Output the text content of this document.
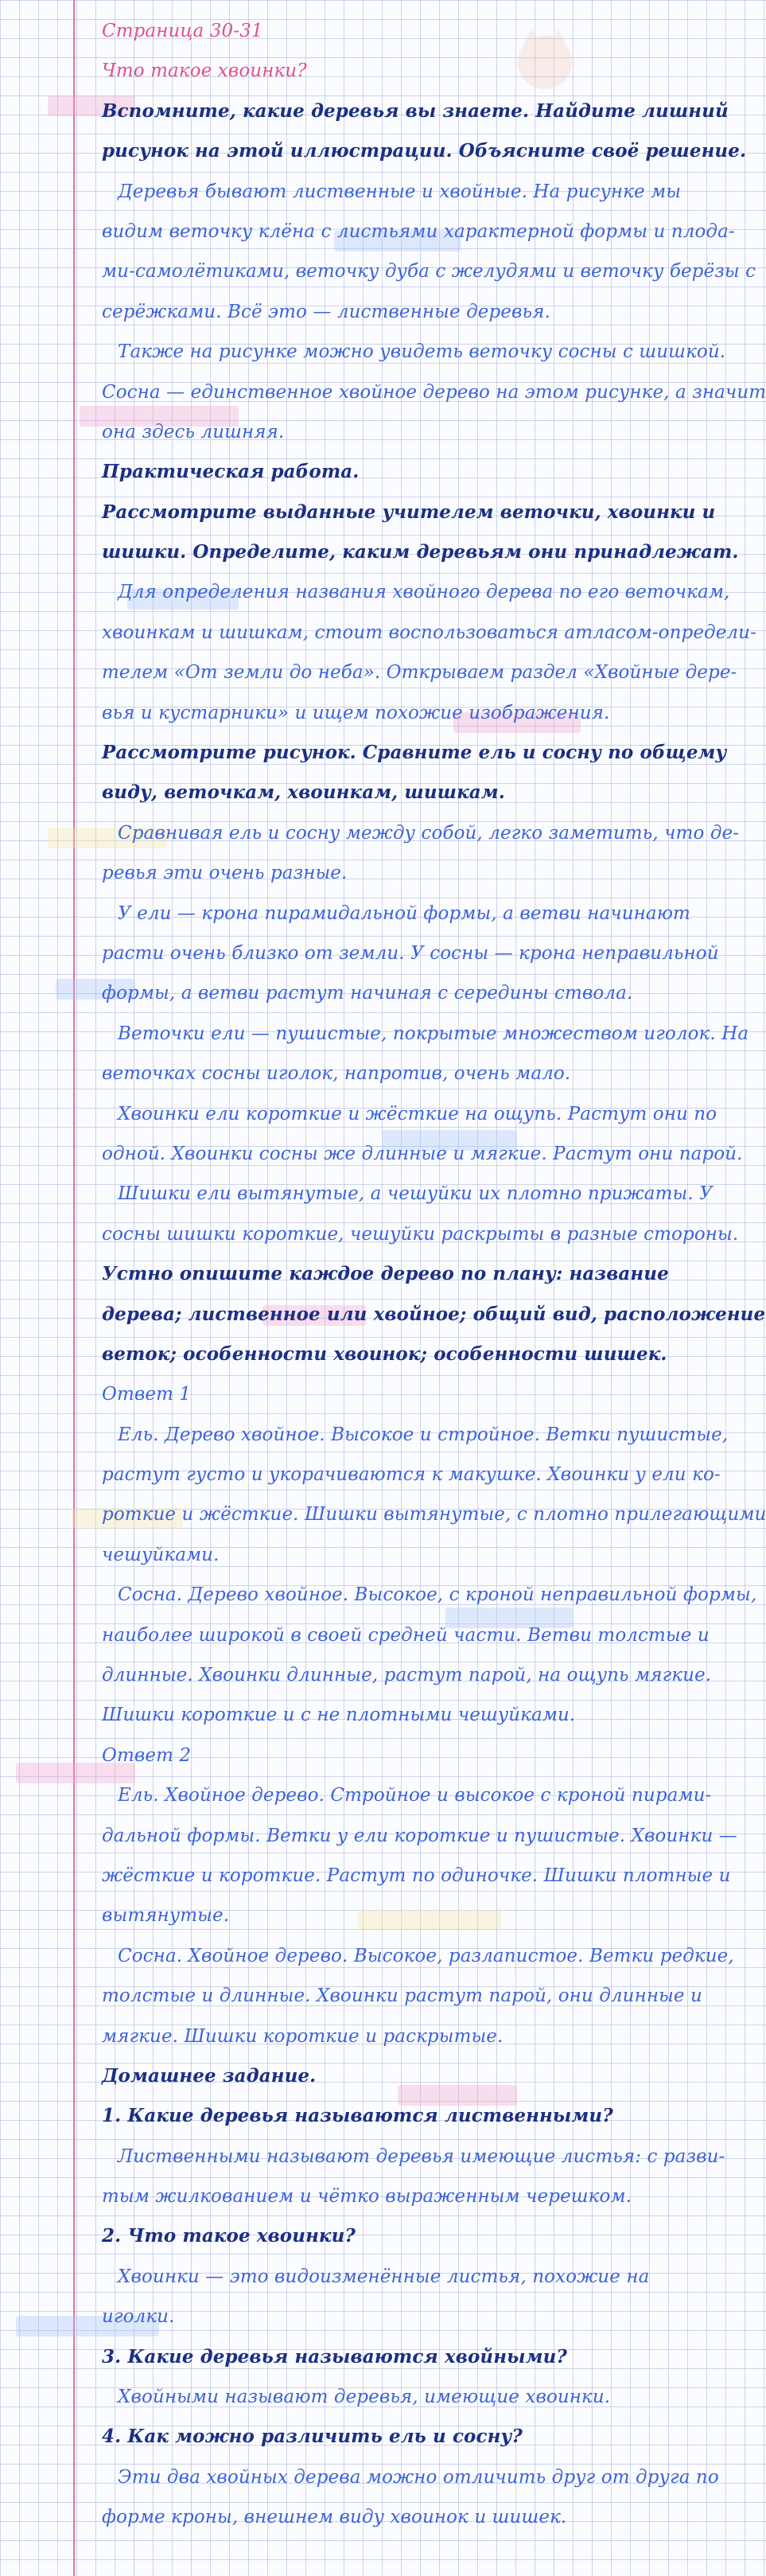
Страница 30-31
Что такое хвоинки?
Вспомните, какие деревья вы знаете. Найдите лишний
рисунок на этой иллюстрации. Объясните своё решение.
Деревья бывают лиственные и хвойные. На рисунке мы
видим веточку клёна с листьями характерной формы и плода-
ми-самолётиками, веточку дуба с желудями и веточку берёзы с
серёжками. Всё это — лиственные деревья.
Также на рисунке можно увидеть веточку сосны с шишкой.
Сосна — единственное хвойное дерево на этом рисунке, а значит
она здесь лишняя.
Практическая работа.
Рассмотрите выданные учителем веточки, хвоинки и
шишки. Определите, каким деревьям они принадлежат.
Для определения названия хвойного дерева по его веточкам,
хвоинкам и шишкам, стоит воспользоваться атласом-определи-
телем «От земли до неба». Открываем раздел «Хвойные дере-
вья и кустарники» и ищем похожие изображения.
Рассмотрите рисунок. Сравните ель и сосну по общему
виду, веточкам, хвоинкам, шишкам.
Сравнивая ель и сосну между собой, легко заметить, что де-
ревья эти очень разные.
У ели — крона пирамидальной формы, а ветви начинают
расти очень близко от земли. У сосны — крона неправильной
формы, а ветви растут начиная с середины ствола.
Веточки ели — пушистые, покрытые множеством иголок. На
веточках сосны иголок, напротив, очень мало.
Хвоинки ели короткие и жёсткие на ощупь. Растут они по
одной. Хвоинки сосны же длинные и мягкие. Растут они парой.
Шишки ели вытянутые, а чешуйки их плотно прижаты. У
сосны шишки короткие, чешуйки раскрыты в разные стороны.
Устно опишите каждое дерево по плану: название
дерева; лиственное или хвойное; общий вид, расположение
веток; особенности хвоинок; особенности шишек.
Ответ 1
Ель. Дерево хвойное. Высокое и стройное. Ветки пушистые,
растут густо и укорачиваются к макушке. Хвоинки у ели ко-
роткие и жёсткие. Шишки вытянутые, с плотно прилегающими
чешуйками.
Сосна. Дерево хвойное. Высокое, с кроной неправильной формы,
наиболее широкой в своей средней части. Ветви толстые и
длинные. Хвоинки длинные, растут парой, на ощупь мягкие.
Шишки короткие и с не плотными чешуйками.
Ответ 2
Ель. Хвойное дерево. Стройное и высокое с кроной пирами-
дальной формы. Ветки у ели короткие и пушистые. Хвоинки —
жёсткие и короткие. Растут по одиночке. Шишки плотные и
вытянутые.
Сосна. Хвойное дерево. Высокое, разлапистое. Ветки редкие,
толстые и длинные. Хвоинки растут парой, они длинные и
мягкие. Шишки короткие и раскрытые.
Домашнее задание.
1. Какие деревья называются лиственными?
Лиственными называют деревья имеющие листья: с разви-
тым жилкованием и чётко выраженным черешком.
2. Что такое хвоинки?
Хвоинки — это видоизменённые листья, похожие на
иголки.
3. Какие деревья называются хвойными?
Хвойными называют деревья, имеющие хвоинки.
4. Как можно различить ель и сосну?
Эти два хвойных дерева можно отличить друг от друга по
форме кроны, внешнем виду хвоинок и шишек.
